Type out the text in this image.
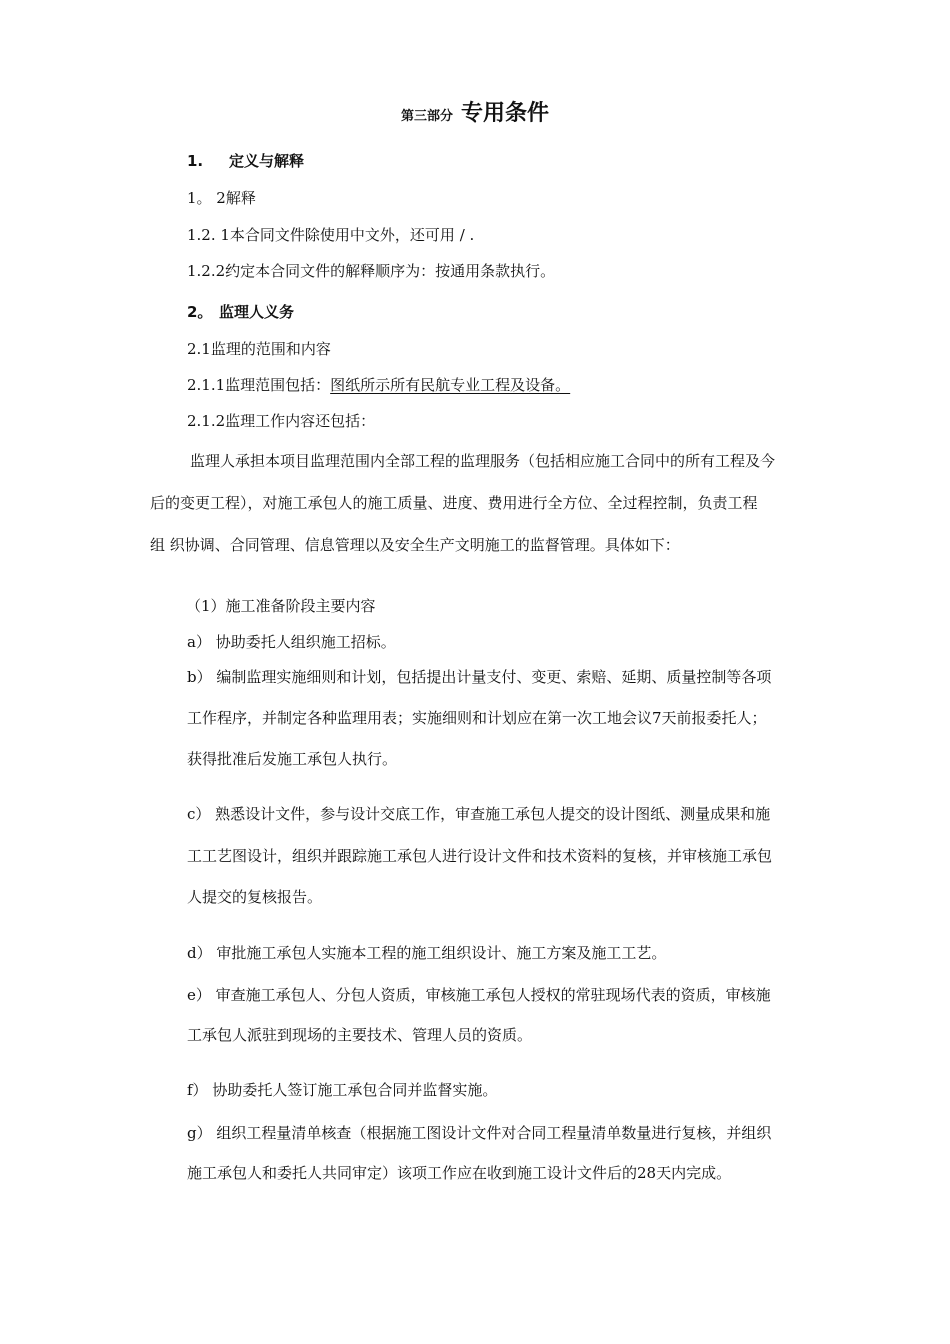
第三部分 专用条件
1. 定义与解释
1。 2解释
1.2. 1本合同文件除使用中文外，还可用 / .
1.2.2约定本合同文件的解释顺序为：按通用条款执行。
2。 监理人义务
2.1监理的范围和内容
2.1.1监理范围包括：图纸所示所有民航专业工程及设备。
2.1.2监理工作内容还包括：
监理人承担本项目监理范围内全部工程的监理服务（包括相应施工合同中的所有工程及今
后的变更工程），对施工承包人的施工质量、进度、费用进行全方位、全过程控制，负责工程
组 织协调、合同管理、信息管理以及安全生产文明施工的监督管理。具体如下：
（1）施工准备阶段主要内容
a） 协助委托人组织施工招标。
b） 编制监理实施细则和计划，包括提出计量支付、变更、索赔、延期、质量控制等各项
工作程序，并制定各种监理用表；实施细则和计划应在第一次工地会议7天前报委托人；
获得批准后发施工承包人执行。
c） 熟悉设计文件，参与设计交底工作，审查施工承包人提交的设计图纸、测量成果和施
工工艺图设计，组织并跟踪施工承包人进行设计文件和技术资料的复核，并审核施工承包
人提交的复核报告。
d） 审批施工承包人实施本工程的施工组织设计、施工方案及施工工艺。
e） 审查施工承包人、分包人资质，审核施工承包人授权的常驻现场代表的资质，审核施
工承包人派驻到现场的主要技术、管理人员的资质。
f） 协助委托人签订施工承包合同并监督实施。
g） 组织工程量清单核查（根据施工图设计文件对合同工程量清单数量进行复核，并组织
施工承包人和委托人共同审定）该项工作应在收到施工设计文件后的28天内完成。
